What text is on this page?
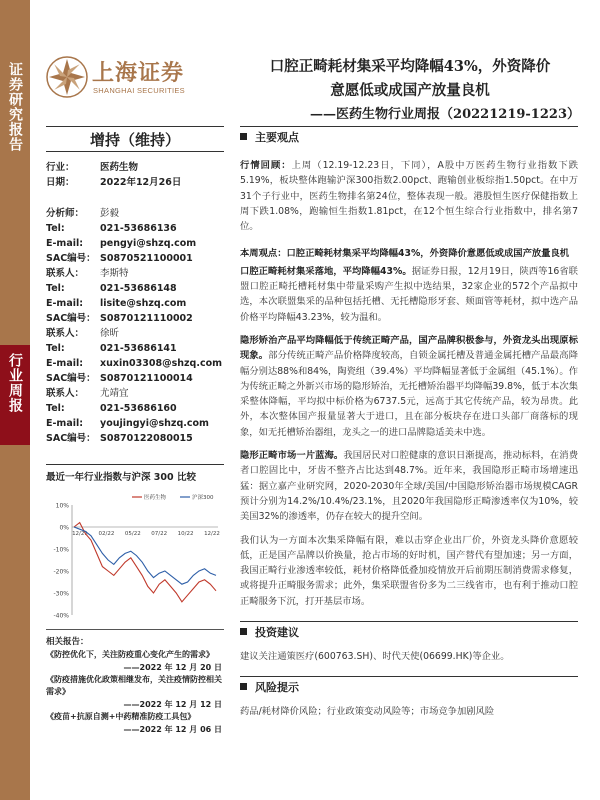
证券研究报告
行业周报
上海证券
SHANGHAI SECURITIES
口腔正畸耗材集采平均降幅43%，外资降价
意愿低或成国产放量良机
——医药生物行业周报（20221219-1223）
增持（维持）
行业：	医药生物
日期：	2022年12月26日
分析师： 彭毅
Tel:	021-53686136
E-mail: pengyi@shzq.com
SAC编号： S0870521100001
联系人： 李斯特
Tel:	021-53686148
E-mail: lisite@shzq.com
SAC编号： S0870121110002
联系人： 徐昕
Tel:	021-53686141
E-mail: xuxin03308@shzq.com
SAC编号： S0870121100014
联系人： 尤靖宜
Tel:	021-53686160
E-mail: youjingyi@shzq.com
SAC编号： S0870122080015
最近一年行业指数与沪深 300 比较
10%
0%
-10%
-20%
-30%
-40%
12/21 02/22 05/22 07/22 10/22 12/22
医药生物	沪深300
相关报告：
《防控优化下，关注防疫重心变化产生的需求》
——2022 年 12 月 20 日
《防疫措施优化政策相继发布，关注疫情防控相关需求》
——2022 年 12 月 12 日
《疫苗+抗原自测+中药精准防疫工具包》
——2022 年 12 月 06 日
主要观点

行情回顾：上周（12.19-12.23日，下同），A股中万医药生物行业指数下跌5.19%，板块整体跑输沪深300指数2.00pct、跑输创业板综指1.50pct。在中万31个子行业中，医药生物排名第24位，整体表现一般。港股恒生医疗保健指数上周下跌1.08%，跑输恒生指数1.81pct，在12个恒生综合行业指数中，排名第7位。

本周观点：口腔正畸耗材集采平均降幅43%，外资降价意愿低或成国产放量良机

口腔正畸耗材集采落地，平均降幅43%。据证券日报，12月19日，陕西等16省联盟口腔正畸托槽耗材集中带量采购产生拟中选结果，32家企业的572个产品拟中选，本次联盟集采的品种包括托槽、无托槽隐形牙套、颊面管等耗材，拟中选产品价格平均降幅43.23%，较为温和。

隐形矫治产品平均降幅低于传统正畸产品，国产品牌积极参与，外资龙头出现原标现象。部分传统正畸产品价格降度较高，自锁金属托槽及普通金属托槽产品最高降幅分别达88%和84%，陶瓷组（39.4%）平均降幅显著低于金属组（45.1%）。作为传统正畸之外新兴市场的隐形矫治，无托槽矫治器平均降幅39.8%，低于本次集采整体降幅，平均拟中标价格为6737.5元，远高于其它传统产品，较为昂贵。此外，本次整体国产报量显著大于进口，且在部分板块存在进口头部厂商落标的现象，如无托槽矫治器组，龙头之一的进口品牌隐适美未中选。

隐形正畸市场一片蓝海。我国居民对口腔健康的意识日渐提高，推动标料，在消费者口腔固比中，牙齿不整齐占比达到48.7%。近年来，我国隐形正畸市场增速迅猛：据立嘉产业研究网，2020-2030年全球/美国/中国隐形矫治器市场规模CAGR预计分别为14.2%/10.4%/23.1%，且2020年我国隐形正畸渗透率仅为10%，较美国32%的渗透率，仍存在较大的提升空间。

我们认为一方面本次集采降幅有限，难以击穿企业出厂价，外资龙头降价意愿较低，正是国产品牌以价换量，抢占市场的好时机，国产替代有望加速；另一方面，我国正畸行业渗透率较低，耗材价格降低叠加疫情放开后前期压制消费需求修复，或将提升正畸服务需求；此外，集采联盟省份多为二三线省市，也有利于推动口腔正畸服务下沉，打开基层市场。

投资建议

建议关注通策医疗(600763.SH)、时代天使(06699.HK)等企业。

风险提示

药品/耗材降价风险；行业政策变动风险等；市场竞争加剧风险
